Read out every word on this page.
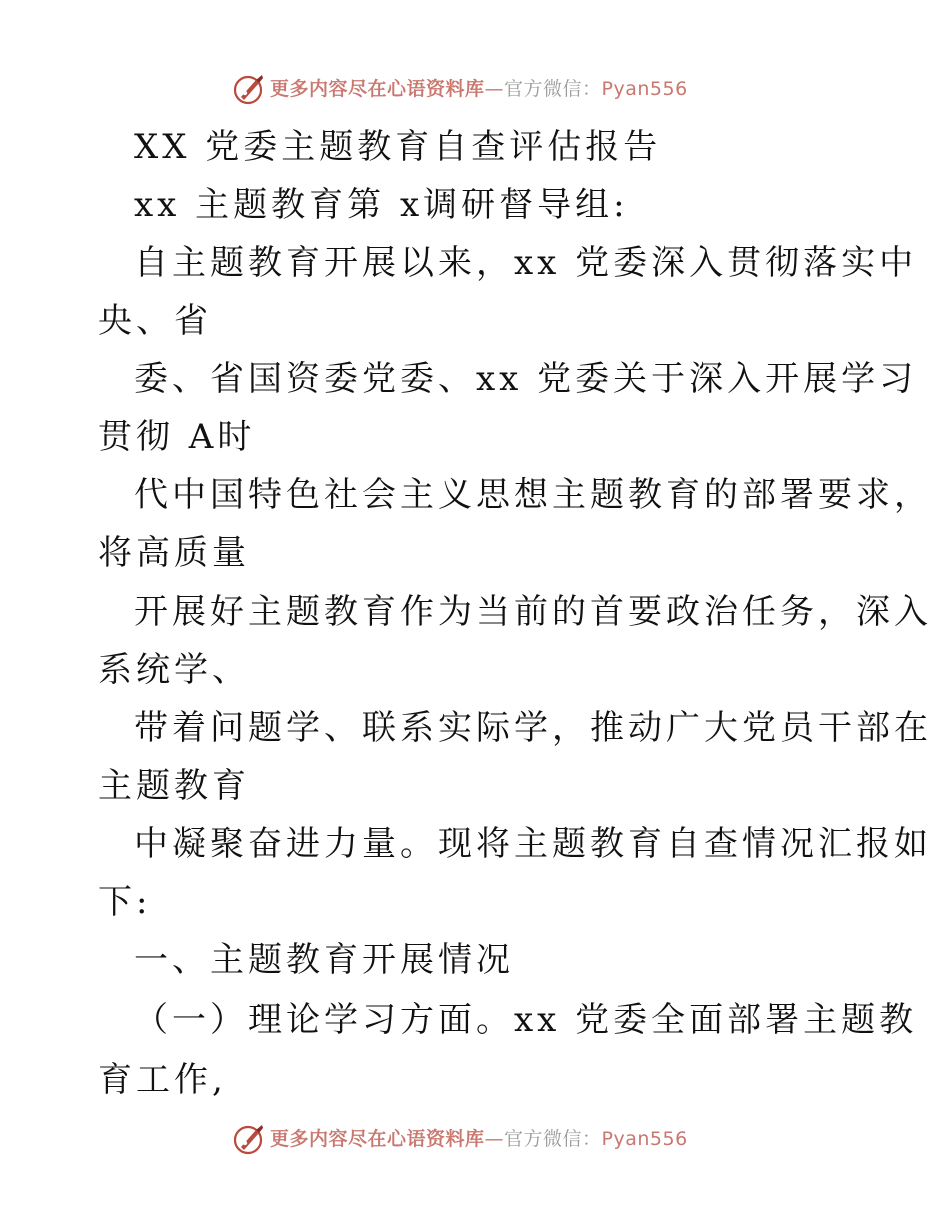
更多内容尽在心语资料库—官方微信：Pyan556
XX 党委主题教育自查评估报告
xx 主题教育第 x调研督导组:
自主题教育开展以来，xx 党委深入贯彻落实中
央、省
委、省国资委党委、xx 党委关于深入开展学习
贯彻 A时
代中国特色社会主义思想主题教育的部署要求，
将高质量
开展好主题教育作为当前的首要政治任务，深入
系统学、
带着问题学、联系实际学，推动广大党员干部在
主题教育
中凝聚奋进力量。现将主题教育自查情况汇报如
下:
一、主题教育开展情况
（一）理论学习方面。xx 党委全面部署主题教
育工作,
更多内容尽在心语资料库—官方微信：Pyan556
